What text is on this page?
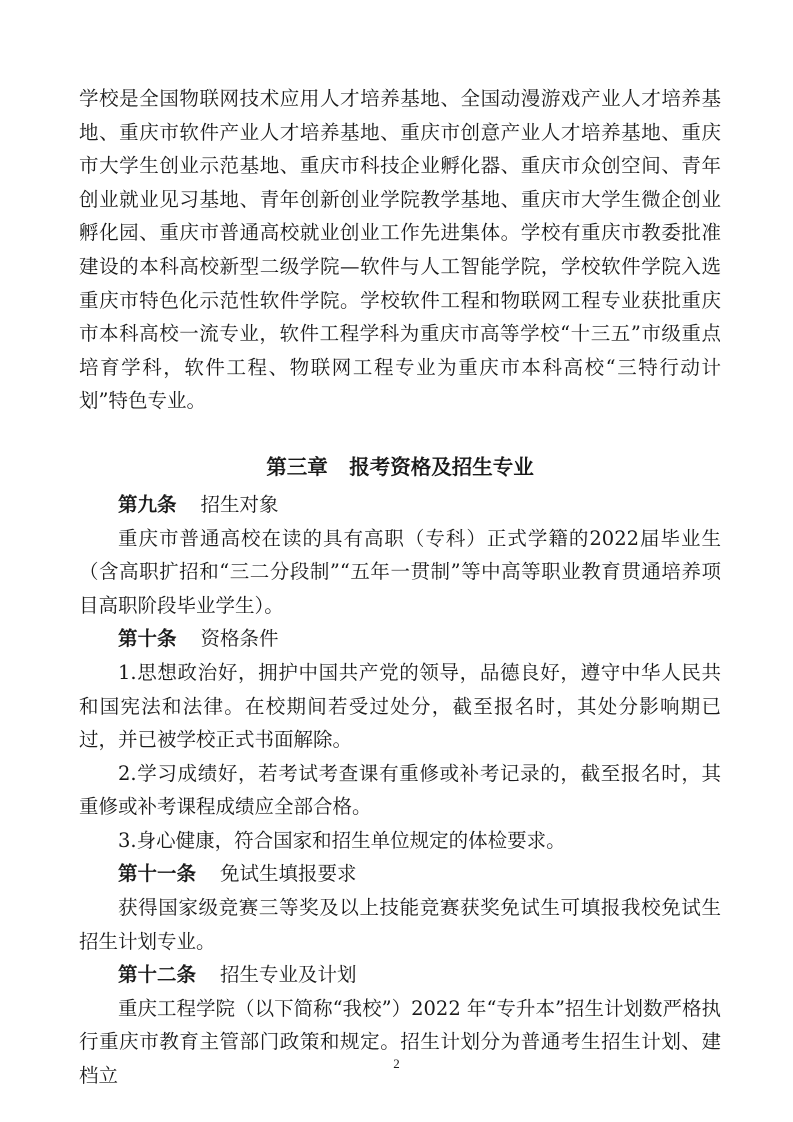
学校是全国物联网技术应用人才培养基地、全国动漫游戏产业人才培养基地、重庆市软件产业人才培养基地、重庆市创意产业人才培养基地、重庆市大学生创业示范基地、重庆市科技企业孵化器、重庆市众创空间、青年创业就业见习基地、青年创新创业学院教学基地、重庆市大学生微企创业孵化园、重庆市普通高校就业创业工作先进集体。学校有重庆市教委批准建设的本科高校新型二级学院—软件与人工智能学院，学校软件学院入选重庆市特色化示范性软件学院。学校软件工程和物联网工程专业获批重庆市本科高校一流专业，软件工程学科为重庆市高等学校“十三五”市级重点培育学科，软件工程、物联网工程专业为重庆市本科高校“三特行动计划”特色专业。

第三章 报考资格及招生专业

第九条 招生对象

重庆市普通高校在读的具有高职（专科）正式学籍的2022届毕业生（含高职扩招和“三二分段制”“五年一贯制”等中高等职业教育贯通培养项目高职阶段毕业学生）。

第十条 资格条件

1.思想政治好，拥护中国共产党的领导，品德良好，遵守中华人民共和国宪法和法律。在校期间若受过处分，截至报名时，其处分影响期已过，并已被学校正式书面解除。

2.学习成绩好，若考试考查课有重修或补考记录的，截至报名时，其重修或补考课程成绩应全部合格。

3.身心健康，符合国家和招生单位规定的体检要求。

第十一条 免试生填报要求

获得国家级竞赛三等奖及以上技能竞赛获奖免试生可填报我校免试生招生计划专业。

第十二条 招生专业及计划

重庆工程学院（以下简称“我校”）2022 年“专升本”招生计划数严格执行重庆市教育主管部门政策和规定。招生计划分为普通考生招生计划、建档立

2
